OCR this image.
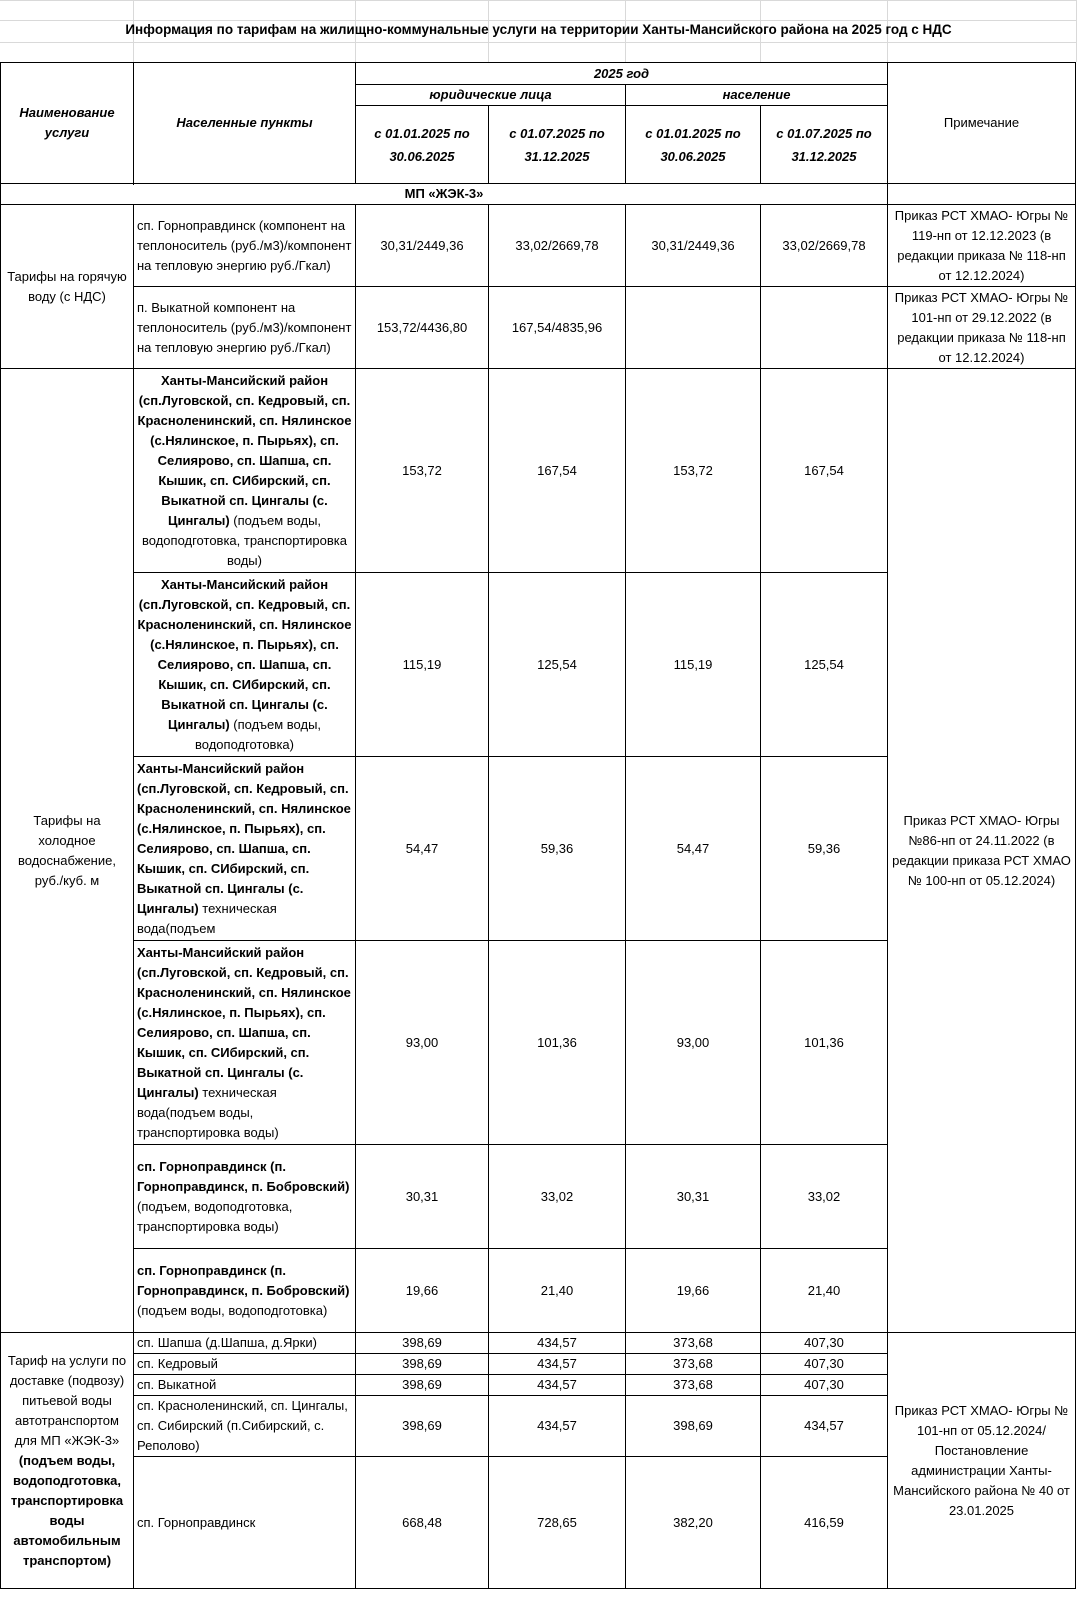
Информация по тарифам на жилищно-коммунальные услуги на территории Ханты-Мансийского района на 2025 год с НДС
Наименование услуги	Населенные пункты	2025 год				Примечание
		юридические лица		население		
		с 01.01.2025 по 30.06.2025	с 01.07.2025 по 31.12.2025	с 01.01.2025 по 30.06.2025	с 01.07.2025 по 31.12.2025	

МП «ЖЭК-3»						
Тарифы на горячую воду (с НДС)	сп. Горноправдинск (компонент на теплоноситель (руб./м3)/компонент на тепловую энергию руб./Гкал)	30,31/2449,36	33,02/2669,78	30,31/2449,36	33,02/2669,78	Приказ РСТ ХМАО- Югры № 119-нп от 12.12.2023 (в редакции приказа № 118-нп от 12.12.2024)
	п. Выкатной компонент на теплоноситель (руб./м3)/компонент на тепловую энергию руб./Гкал)	153,72/4436,80	167,54/4835,96			Приказ РСТ ХМАО- Югры № 101-нп от 29.12.2022 (в редакции приказа № 118-нп от 12.12.2024)
Тарифы на холодное водоснабжение, руб./куб. м	Ханты-Мансийский район (сп.Луговской, сп. Кедровый, сп. Красноленинский, сп. Нялинское (с.Нялинское, п. Пырьях), сп. Селиярово, сп. Шапша, сп. Кышик, сп. СИбирский, сп. Выкатной сп. Цингалы (с. Цингалы) (подъем воды, водоподготовка, транспортировка воды)	153,72	167,54	153,72	167,54	Приказ РСТ ХМАО- Югры №86-нп от 24.11.2022 (в редакции приказа РСТ ХМАО № 100-нп от 05.12.2024)
	Ханты-Мансийский район (сп.Луговской, сп. Кедровый, сп. Красноленинский, сп. Нялинское (с.Нялинское, п. Пырьях), сп. Селиярово, сп. Шапша, сп. Кышик, сп. СИбирский, сп. Выкатной сп. Цингалы (с. Цингалы) (подъем воды, водоподготовка)	115,19	125,54	115,19	125,54	
	Ханты-Мансийский район (сп.Луговской, сп. Кедровый, сп. Красноленинский, сп. Нялинское (с.Нялинское, п. Пырьях), сп. Селиярово, сп. Шапша, сп. Кышик, сп. СИбирский, сп. Выкатной сп. Цингалы (с. Цингалы) техническая вода(подъем	54,47	59,36	54,47	59,36	
	Ханты-Мансийский район (сп.Луговской, сп. Кедровый, сп. Красноленинский, сп. Нялинское (с.Нялинское, п. Пырьях), сп. Селиярово, сп. Шапша, сп. Кышик, сп. СИбирский, сп. Выкатной сп. Цингалы (с. Цингалы) техническая вода(подъем воды, транспортировка воды)	93,00	101,36	93,00	101,36	
	сп. Горноправдинск (п. Горноправдинск, п. Бобровский) (подъем, водоподготовка, транспортировка воды)	30,31	33,02	30,31	33,02	
	сп. Горноправдинск (п. Горноправдинск, п. Бобровский) (подъем воды, водоподготовка)	19,66	21,40	19,66	21,40	
Тариф на услуги по доставке (подвозу) питьевой воды автотранспортом для МП «ЖЭК-3» (подъем воды, водоподготовка, транспортировка воды автомобильным транспортом)	сп. Шапша (д.Шапша, д.Ярки)	398,69	434,57	373,68	407,30	Приказ РСТ ХМАО- Югры № 101-нп от 05.12.2024/ Постановление администрации Ханты-Мансийского района № 40 от 23.01.2025
	сп. Кедровый	398,69	434,57	373,68	407,30	
	сп. Выкатной	398,69	434,57	373,68	407,30	
	сп. Красноленинский, сп. Цингалы, сп. Сибирский (п.Сибирский, с. Реполово)	398,69	434,57	398,69	434,57	
	сп. Горноправдинск	668,48	728,65	382,20	416,59	
